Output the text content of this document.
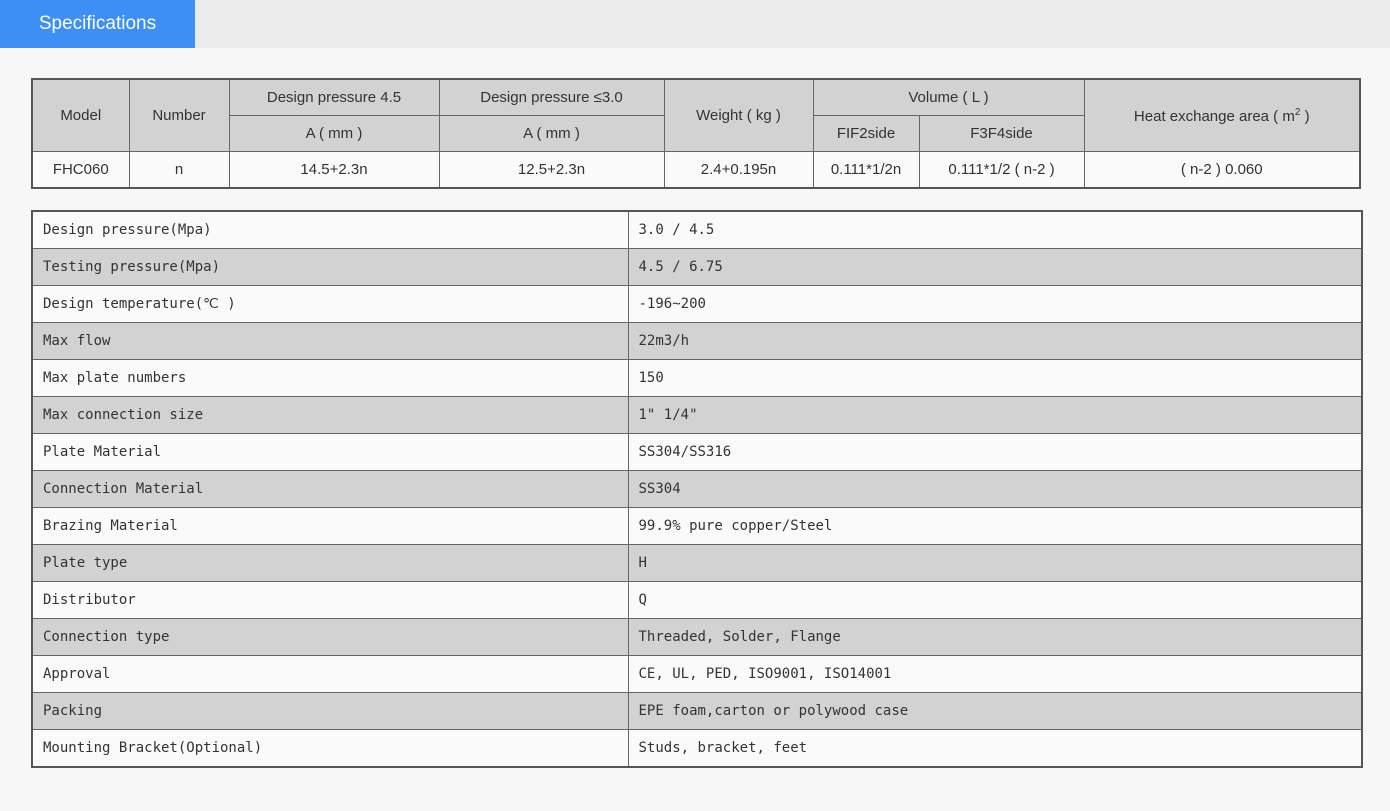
Specifications
Model	Number	Design pressure 4.5	Design pressure ≤3.0	Weight ( kg )	Volume ( L )		Heat exchange area ( $m^2$ )
		A ( mm )	A ( mm )		FIF2side	F3F4side	
FHC060	n	14.5+2.3n	12.5+2.3n	2.4+0.195n	0.111*1/2n	0.111*1/2 ( n-2 )	( n-2 ) 0.060
Design pressure(Mpa)	3.0 / 4.5
Testing pressure(Mpa)	4.5 / 6.75
Design temperature(℃ )	-196~200
Max flow	22m3/h
Max plate numbers	150
Max connection size	1" 1/4"
Plate Material	SS304/SS316
Connection Material	SS304
Brazing Material	99.9% pure copper/Steel
Plate type	H
Distributor	Q
Connection type	Threaded, Solder, Flange
Approval	CE, UL, PED, ISO9001, ISO14001
Packing	EPE foam,carton or polywood case
Mounting Bracket(Optional)	Studs, bracket, feet
